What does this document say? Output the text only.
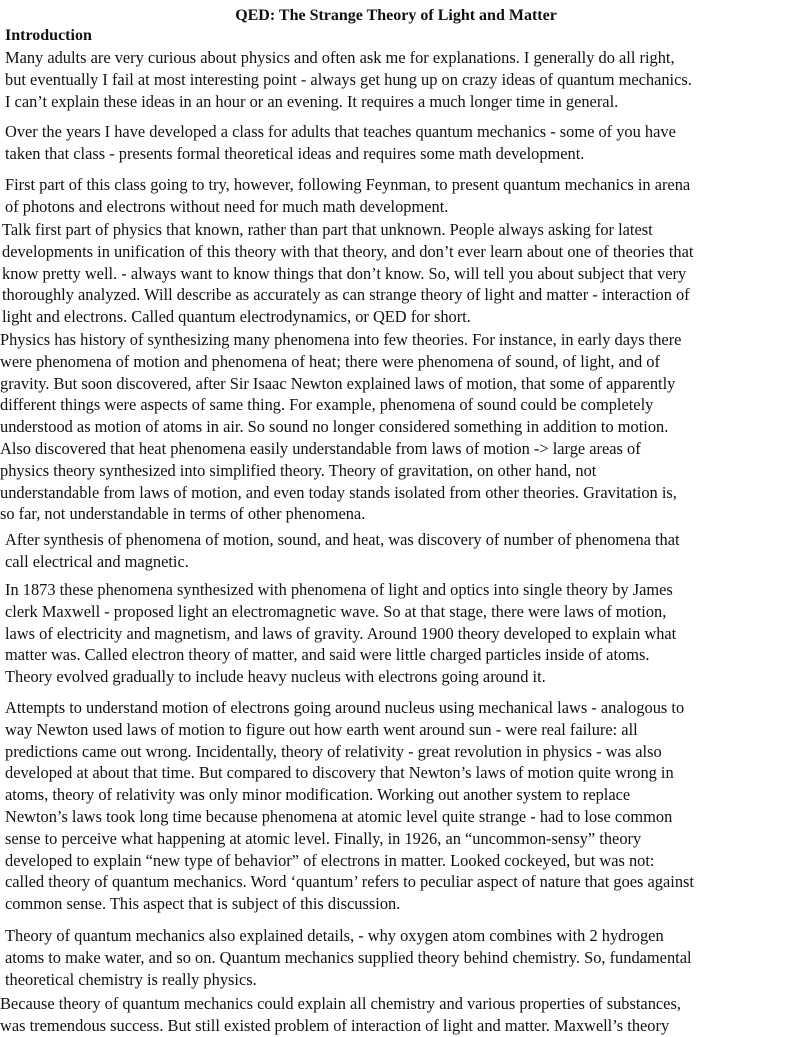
QED: The Strange Theory of Light and Matter
Introduction
Many adults are very curious about physics and often ask me for explanations. I generally do all right,
but eventually I fail at most interesting point - always get hung up on crazy ideas of quantum mechanics.
I can’t explain these ideas in an hour or an evening. It requires a much longer time in general.
Over the years I have developed a class for adults that teaches quantum mechanics - some of you have
taken that class - presents formal theoretical ideas and requires some math development.
First part of this class going to try, however, following Feynman, to present quantum mechanics in arena
of photons and electrons without need for much math development.
Talk first part of physics that known, rather than part that unknown. People always asking for latest
developments in unification of this theory with that theory, and don’t ever learn about one of theories that
know pretty well. - always want to know things that don’t know. So, will tell you about subject that very
thoroughly analyzed. Will describe as accurately as can strange theory of light and matter - interaction of
light and electrons. Called quantum electrodynamics, or QED for short.
Physics has history of synthesizing many phenomena into few theories. For instance, in early days there
were phenomena of motion and phenomena of heat; there were phenomena of sound, of light, and of
gravity. But soon discovered, after Sir Isaac Newton explained laws of motion, that some of apparently
different things were aspects of same thing. For example, phenomena of sound could be completely
understood as motion of atoms in air. So sound no longer considered something in addition to motion.
Also discovered that heat phenomena easily understandable from laws of motion -> large areas of
physics theory synthesized into simplified theory. Theory of gravitation, on other hand, not
understandable from laws of motion, and even today stands isolated from other theories. Gravitation is,
so far, not understandable in terms of other phenomena.
After synthesis of phenomena of motion, sound, and heat, was discovery of number of phenomena that
call electrical and magnetic.
In 1873 these phenomena synthesized with phenomena of light and optics into single theory by James
clerk Maxwell - proposed light an electromagnetic wave. So at that stage, there were laws of motion,
laws of electricity and magnetism, and laws of gravity. Around 1900 theory developed to explain what
matter was. Called electron theory of matter, and said were little charged particles inside of atoms.
Theory evolved gradually to include heavy nucleus with electrons going around it.
Attempts to understand motion of electrons going around nucleus using mechanical laws - analogous to
way Newton used laws of motion to figure out how earth went around sun - were real failure: all
predictions came out wrong. Incidentally, theory of relativity - great revolution in physics - was also
developed at about that time. But compared to discovery that Newton’s laws of motion quite wrong in
atoms, theory of relativity was only minor modification. Working out another system to replace
Newton’s laws took long time because phenomena at atomic level quite strange - had to lose common
sense to perceive what happening at atomic level. Finally, in 1926, an “uncommon-sensy” theory
developed to explain “new type of behavior” of electrons in matter. Looked cockeyed, but was not:
called theory of quantum mechanics. Word ‘quantum’ refers to peculiar aspect of nature that goes against
common sense. This aspect that is subject of this discussion.
Theory of quantum mechanics also explained details, - why oxygen atom combines with 2 hydrogen
atoms to make water, and so on. Quantum mechanics supplied theory behind chemistry. So, fundamental
theoretical chemistry is really physics.
Because theory of quantum mechanics could explain all chemistry and various properties of substances,
was tremendous success. But still existed problem of interaction of light and matter. Maxwell’s theory
